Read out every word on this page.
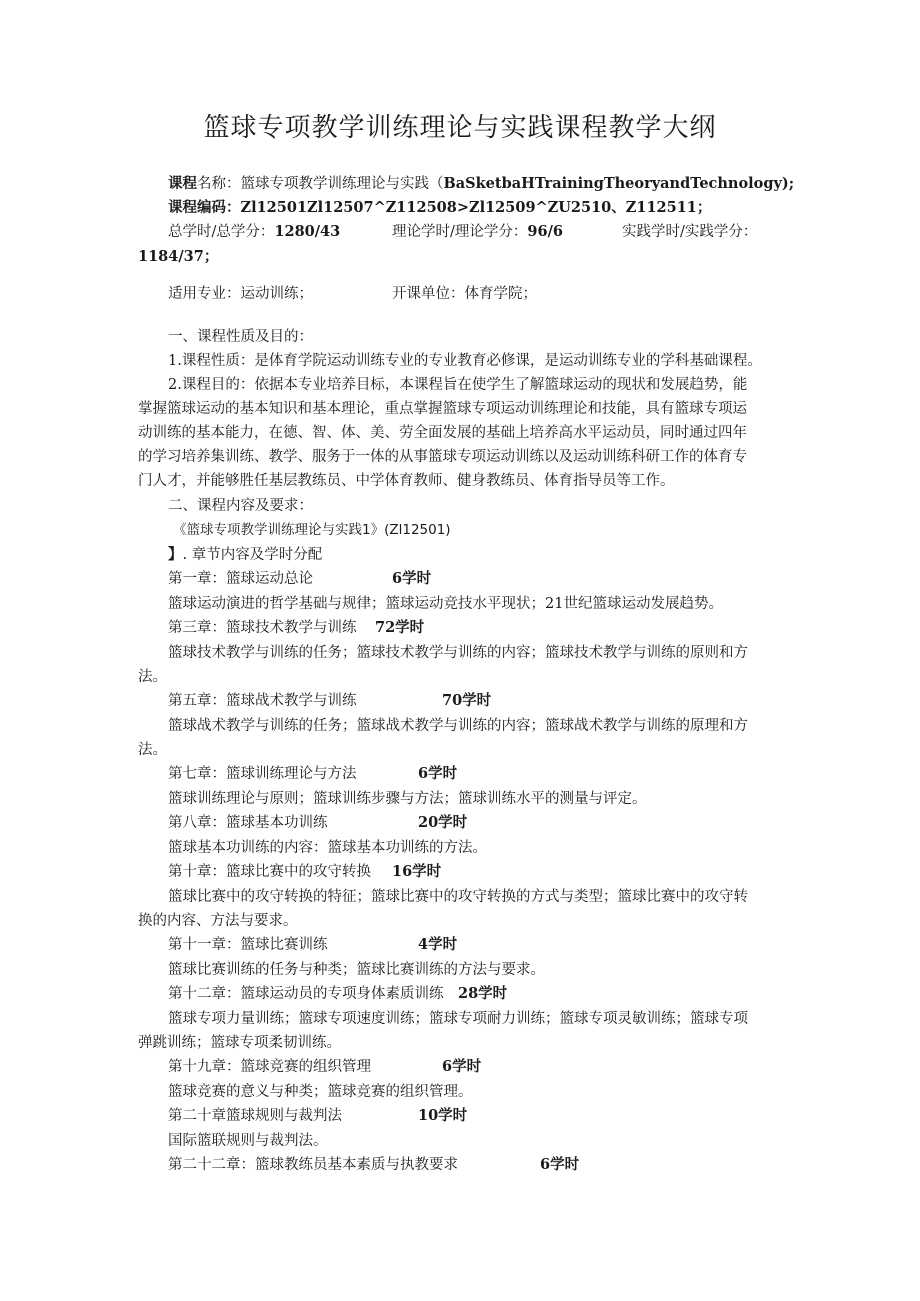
篮球专项教学训练理论与实践课程教学大纲
课程名称：篮球专项教学训练理论与实践（BaSketbaHTrainingTheoryandTechnology);
课程编码：Zl12501Zl12507^Z112508>Zl12509^ZU2510、Z112511；
总学时/总学分：1280/43	理论学时/理论学分：96/6	实践学时/实践学分：
1184/37；
适用专业：运动训练；	开课单位：体育学院；
一、课程性质及目的：
1.课程性质：是体育学院运动训练专业的专业教育必修课，是运动训练专业的学科基础课程。
2.课程目的：依据本专业培养目标，本课程旨在使学生了解篮球运动的现状和发展趋势，能
掌握篮球运动的基本知识和基本理论，重点掌握篮球专项运动训练理论和技能，具有篮球专项运
动训练的基本能力，在德、智、体、美、劳全面发展的基础上培养高水平运动员，同时通过四年
的学习培养集训练、教学、服务于一体的从事篮球专项运动训练以及运动训练科研工作的体育专
门人才，并能够胜任基层教练员、中学体育教师、健身教练员、体育指导员等工作。
二、课程内容及要求：
《篮球专项教学训练理论与实践1》(Zl12501)
】. 章节内容及学时分配
第一章：篮球运动总论	6学时
篮球运动演进的哲学基础与规律；篮球运动竞技水平现状；21世纪篮球运动发展趋势。
第三章：篮球技术教学与训练 72学时
篮球技术教学与训练的任务；篮球技术教学与训练的内容；篮球技术教学与训练的原则和方
法。
第五章：篮球战术教学与训练	70学时
篮球战术教学与训练的任务；篮球战术教学与训练的内容；篮球战术教学与训练的原理和方
法。
第七章：篮球训练理论与方法	6学时
篮球训练理论与原则；篮球训练步骤与方法；篮球训练水平的测量与评定。
第八章：篮球基本功训练	20学时
篮球基本功训练的内容：篮球基本功训练的方法。
第十章：篮球比赛中的攻守转换 16学时
篮球比赛中的攻守转换的特征；篮球比赛中的攻守转换的方式与类型；篮球比赛中的攻守转
换的内容、方法与要求。
第十一章：篮球比赛训练	4学时
篮球比赛训练的任务与种类；篮球比赛训练的方法与要求。
第十二章：篮球运动员的专项身体素质训练 28学时
篮球专项力量训练；篮球专项速度训练；篮球专项耐力训练；篮球专项灵敏训练；篮球专项
弹跳训练；篮球专项柔韧训练。
第十九章：篮球竞赛的组织管理	6学时
篮球竞赛的意义与种类；篮球竞赛的组织管理。
第二十章篮球规则与裁判法	10学时
国际篮联规则与裁判法。
第二十二章：篮球教练员基本素质与执教要求	6学时
